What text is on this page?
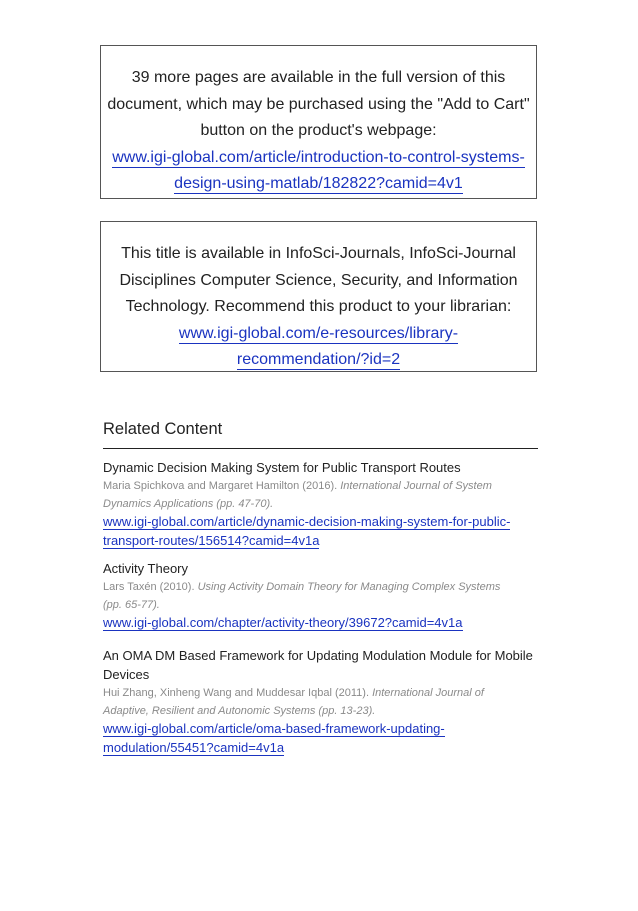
39 more pages are available in the full version of this
document, which may be purchased using the "Add to Cart"
button on the product's webpage:
www.igi-global.com/article/introduction-to-control-systems-
design-using-matlab/182822?camid=4v1
This title is available in InfoSci-Journals, InfoSci-Journal
Disciplines Computer Science, Security, and Information
Technology. Recommend this product to your librarian:
www.igi-global.com/e-resources/library-
recommendation/?id=2
Related Content
Dynamic Decision Making System for Public Transport Routes
Maria Spichkova and Margaret Hamilton (2016). International Journal of System
Dynamics Applications (pp. 47-70).
www.igi-global.com/article/dynamic-decision-making-system-for-public-
transport-routes/156514?camid=4v1a
Activity Theory
Lars Taxén (2010). Using Activity Domain Theory for Managing Complex Systems
(pp. 65-77).
www.igi-global.com/chapter/activity-theory/39672?camid=4v1a
An OMA DM Based Framework for Updating Modulation Module for Mobile
Devices
Hui Zhang, Xinheng Wang and Muddesar Iqbal (2011). International Journal of
Adaptive, Resilient and Autonomic Systems (pp. 13-23).
www.igi-global.com/article/oma-based-framework-updating-
modulation/55451?camid=4v1a
